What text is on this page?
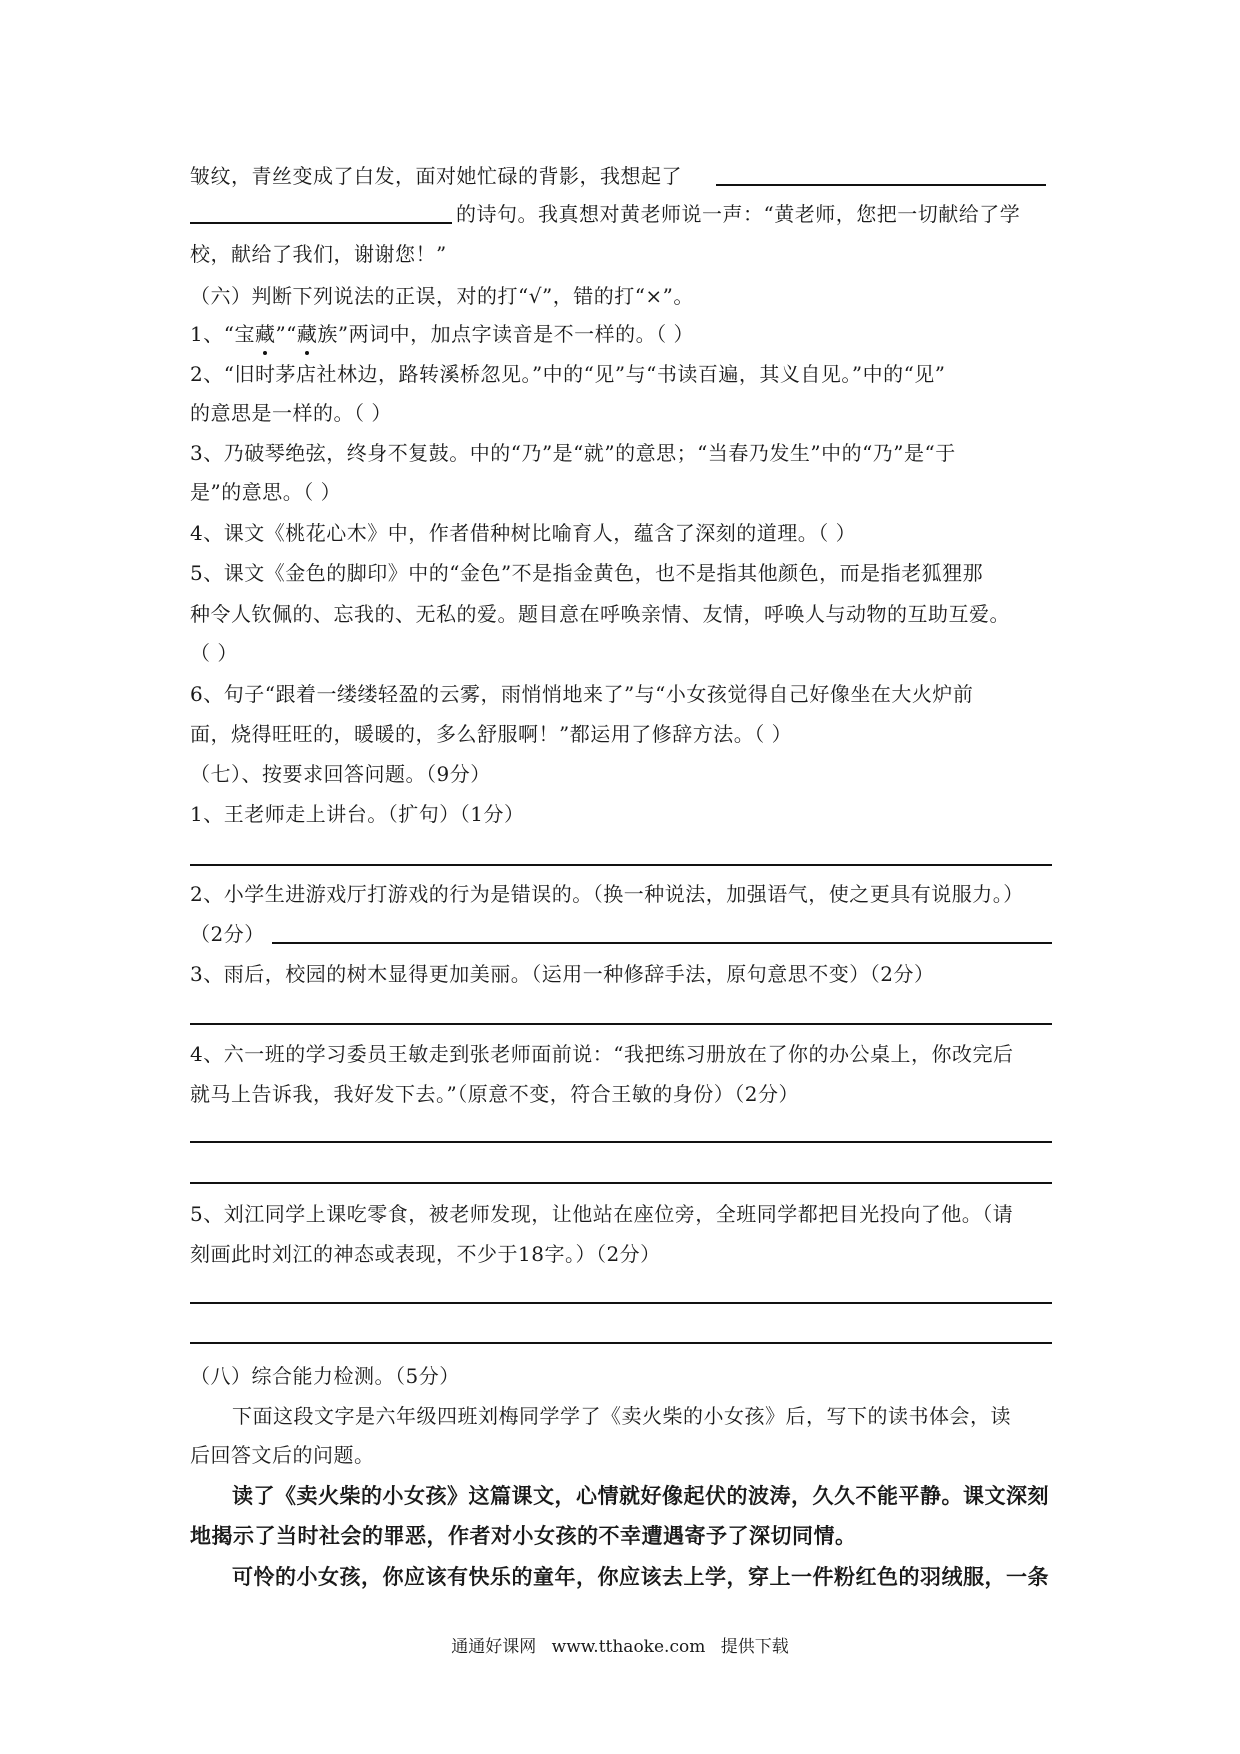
皱纹，青丝变成了白发，面对她忙碌的背影，我想起了
的诗句。我真想对黄老师说一声：“黄老师，您把一切献给了学
校，献给了我们，谢谢您！”
（六）判断下列说法的正误，对的打“√”，错的打“×”。
1、“宝藏”“藏族”两词中，加点字读音是不一样的。（ ）
2、“旧时茅店社林边，路转溪桥忽见。”中的“见”与“书读百遍，其义自见。”中的“见”
的意思是一样的。（ ）
3、乃破琴绝弦，终身不复鼓。中的“乃”是“就”的意思；“当春乃发生”中的“乃”是“于
是”的意思。（ ）
4、课文《桃花心木》中，作者借种树比喻育人，蕴含了深刻的道理。（ ）
5、课文《金色的脚印》中的“金色”不是指金黄色，也不是指其他颜色，而是指老狐狸那
种令人钦佩的、忘我的、无私的爱。题目意在呼唤亲情、友情，呼唤人与动物的互助互爱。
（ ）
6、句子“跟着一缕缕轻盈的云雾，雨悄悄地来了”与“小女孩觉得自己好像坐在大火炉前
面，烧得旺旺的，暖暖的，多么舒服啊！”都运用了修辞方法。（ ）
（七）、按要求回答问题。（9分）
1、王老师走上讲台。（扩句）（1分）
2、小学生进游戏厅打游戏的行为是错误的。（换一种说法，加强语气，使之更具有说服力。）
（2分）
3、雨后，校园的树木显得更加美丽。（运用一种修辞手法，原句意思不变）（2分）
4、六一班的学习委员王敏走到张老师面前说：“我把练习册放在了你的办公桌上，你改完后
就马上告诉我，我好发下去。”（原意不变，符合王敏的身份）（2分）
5、刘江同学上课吃零食，被老师发现，让他站在座位旁，全班同学都把目光投向了他。（请
刻画此时刘江的神态或表现，不少于18字。）（2分）
（八）综合能力检测。（5分）
下面这段文字是六年级四班刘梅同学学了《卖火柴的小女孩》后，写下的读书体会，读
后回答文后的问题。
读了《卖火柴的小女孩》这篇课文，心情就好像起伏的波涛，久久不能平静。课文深刻
地揭示了当时社会的罪恶，作者对小女孩的不幸遭遇寄予了深切同情。
可怜的小女孩，你应该有快乐的童年，你应该去上学，穿上一件粉红色的羽绒服，一条
通通好课网 www.tthaoke.com 提供下载
